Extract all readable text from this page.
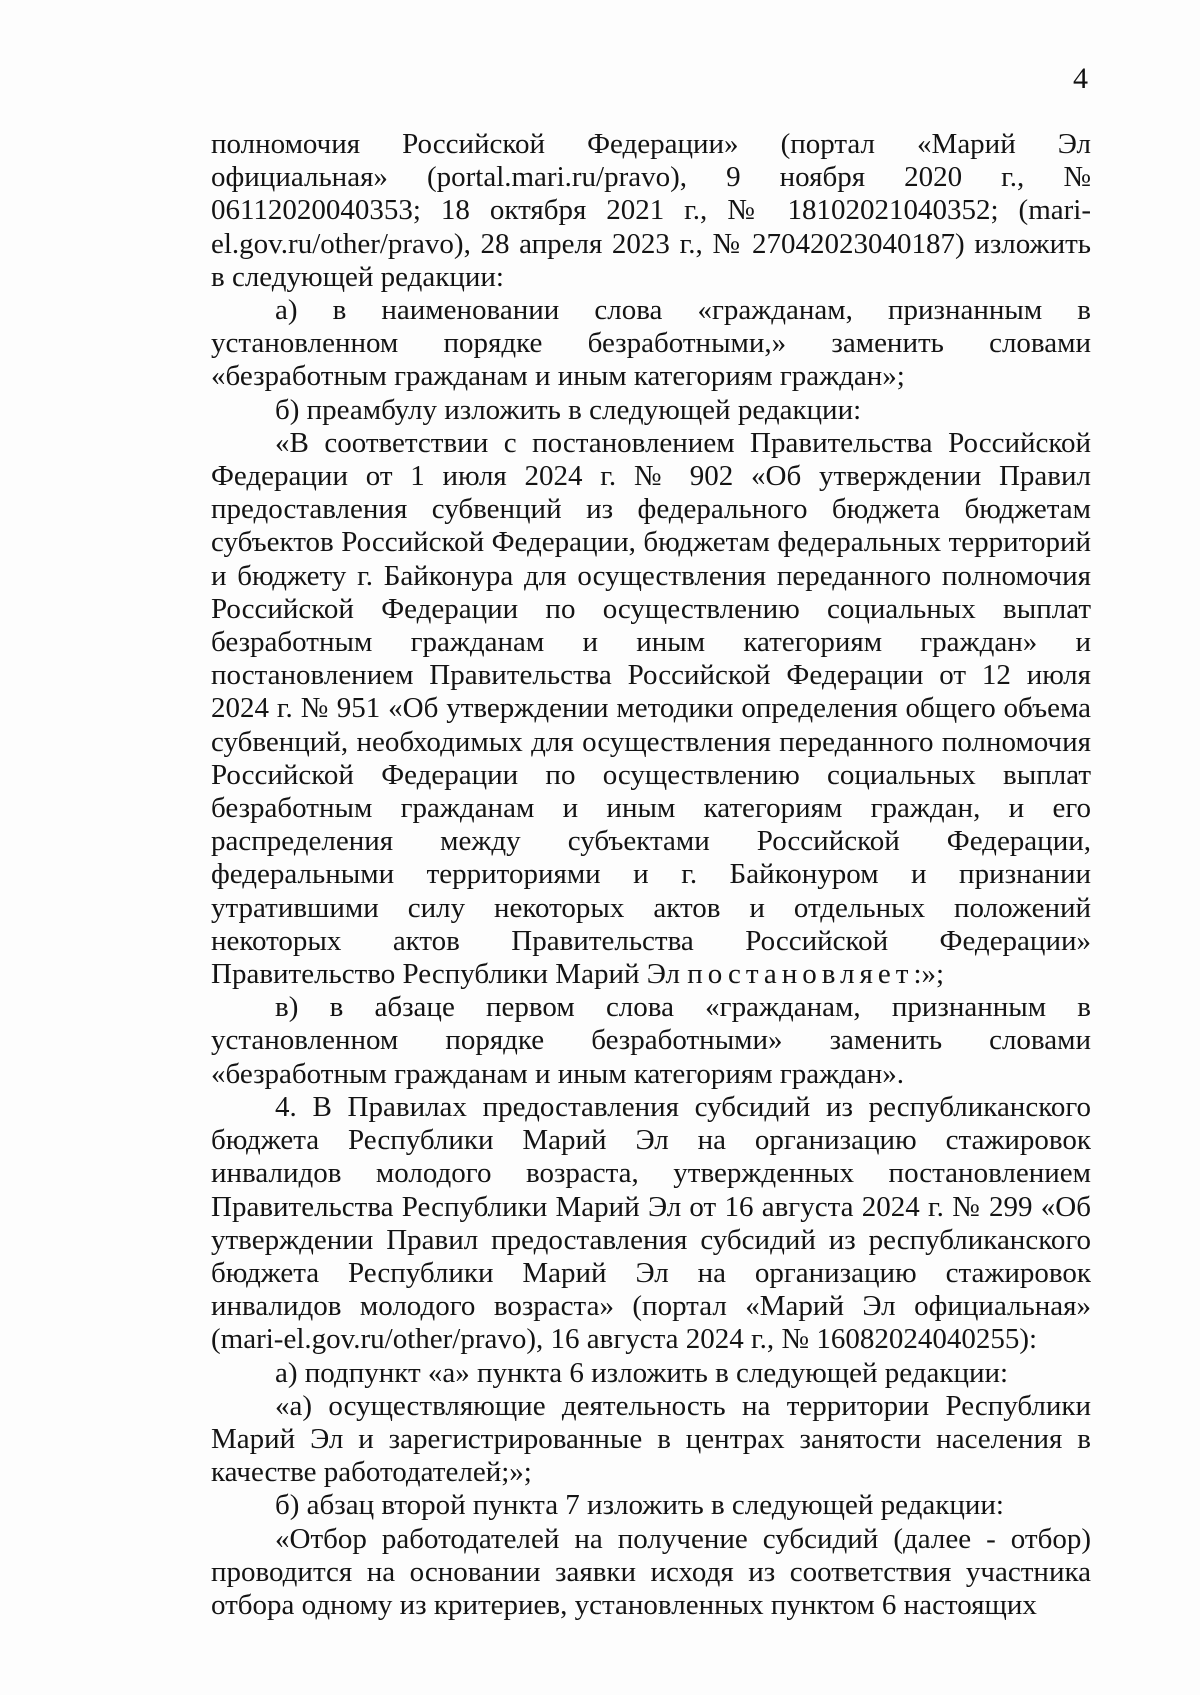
4

полномочия Российской Федерации» (портал «Марий Эл официальная» (portal.mari.ru/pravo), 9 ноября 2020 г., № 06112020040353; 18 октября 2021 г., № 18102021040352; (mari-el.gov.ru/other/pravo), 28 апреля 2023 г., № 27042023040187) изложить в следующей редакции:

а) в наименовании слова «гражданам, признанным в установленном порядке безработными,» заменить словами «безработным гражданам и иным категориям граждан»;

б) преамбулу изложить в следующей редакции:

«В соответствии с постановлением Правительства Российской Федерации от 1 июля 2024 г. № 902 «Об утверждении Правил предоставления субвенций из федерального бюджета бюджетам субъектов Российской Федерации, бюджетам федеральных территорий и бюджету г. Байконура для осуществления переданного полномочия Российской Федерации по осуществлению социальных выплат безработным гражданам и иным категориям граждан» и постановлением Правительства Российской Федерации от 12 июля 2024 г. № 951 «Об утверждении методики определения общего объема субвенций, необходимых для осуществления переданного полномочия Российской Федерации по осуществлению социальных выплат безработным гражданам и иным категориям граждан, и его распределения между субъектами Российской Федерации, федеральными территориями и г. Байконуром и признании утратившими силу некоторых актов и отдельных положений некоторых актов Правительства Российской Федерации» Правительство Республики Марий Эл постановляет:»;

в) в абзаце первом слова «гражданам, признанным в установленном порядке безработными» заменить словами «безработным гражданам и иным категориям граждан».

4. В Правилах предоставления субсидий из республиканского бюджета Республики Марий Эл на организацию стажировок инвалидов молодого возраста, утвержденных постановлением Правительства Республики Марий Эл от 16 августа 2024 г. № 299 «Об утверждении Правил предоставления субсидий из республиканского бюджета Республики Марий Эл на организацию стажировок инвалидов молодого возраста» (портал «Марий Эл официальная» (mari-el.gov.ru/other/pravo), 16 августа 2024 г., № 16082024040255):

а) подпункт «а» пункта 6 изложить в следующей редакции:

«а) осуществляющие деятельность на территории Республики Марий Эл и зарегистрированные в центрах занятости населения в качестве работодателей;»;

б) абзац второй пункта 7 изложить в следующей редакции:

«Отбор работодателей на получение субсидий (далее - отбор) проводится на основании заявки исходя из соответствия участника отбора одному из критериев, установленных пунктом 6 настоящих
